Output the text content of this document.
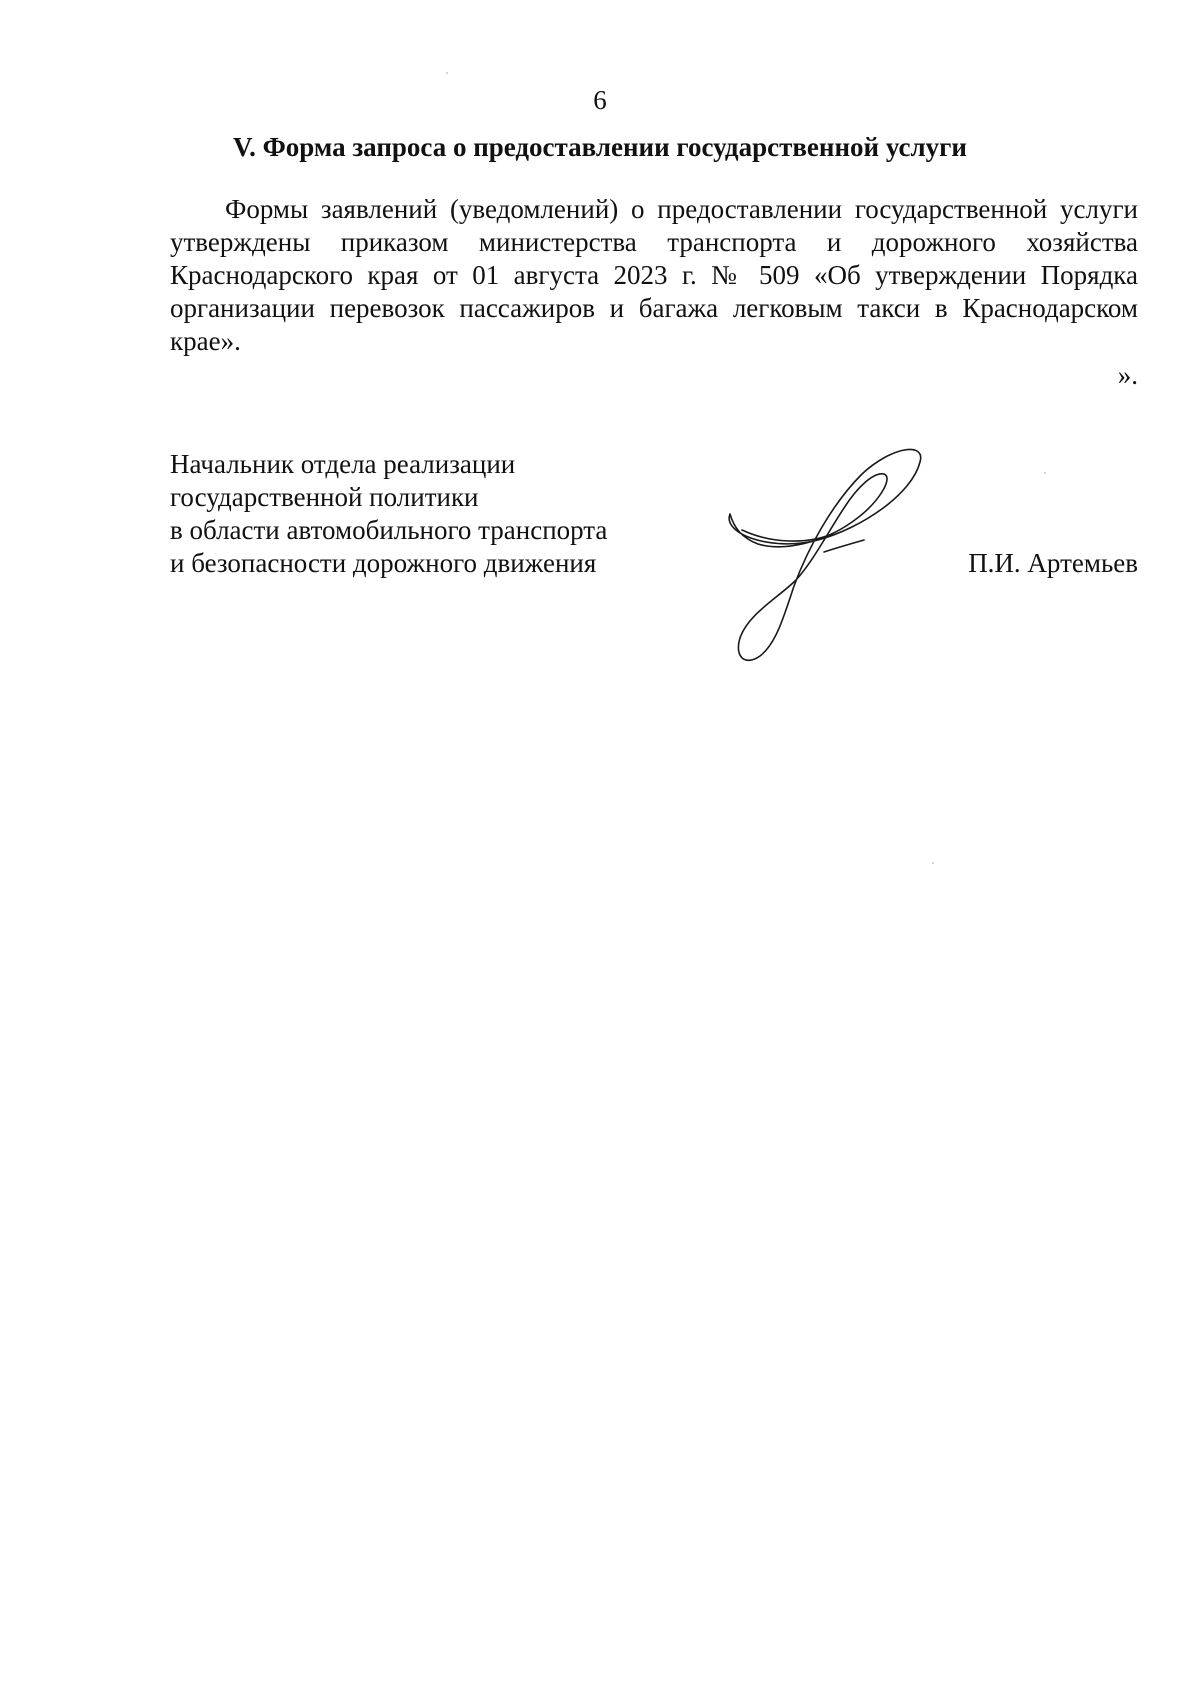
6
V. Форма запроса о предоставлении государственной услуги

Формы заявлений (уведомлений) о предоставлении государственной услуги утверждены приказом министерства транспорта и дорожного хозяйства Краснодарского края от 01 августа 2023 г. № 509 «Об утверждении Порядка организации перевозок пассажиров и багажа легковым такси в Краснодарском крае».

».
Начальник отдела реализации
государственной политики
в области автомобильного транспорта
и безопасности дорожного движения	П.И. Артемьев
